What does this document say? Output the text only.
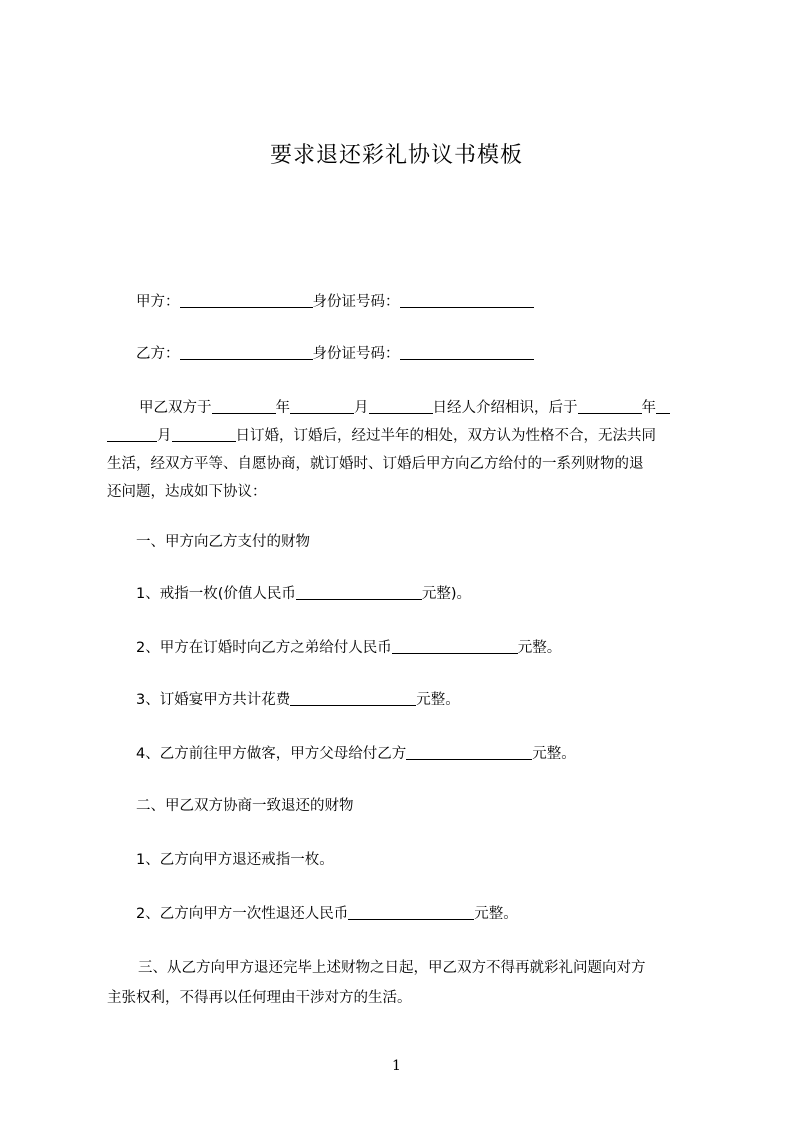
要求退还彩礼协议书模板
甲方：	身份证号码：
乙方：	身份证号码：
甲乙双方于	年	月	日经人介绍相识，后于	年
月	日订婚，订婚后，经过半年的相处，双方认为性格不合，无法共同
生活，经双方平等、自愿协商，就订婚时、订婚后甲方向乙方给付的一系列财物的退
还问题，达成如下协议：
一、甲方向乙方支付的财物
1、戒指一枚(价值人民币	元整)。
2、甲方在订婚时向乙方之弟给付人民币	元整。
3、订婚宴甲方共计花费	元整。
4、乙方前往甲方做客，甲方父母给付乙方	元整。
二、甲乙双方协商一致退还的财物
1、乙方向甲方退还戒指一枚。
2、乙方向甲方一次性退还人民币	元整。
三、从乙方向甲方退还完毕上述财物之日起，甲乙双方不得再就彩礼问题向对方
主张权利，不得再以任何理由干涉对方的生活。
1
